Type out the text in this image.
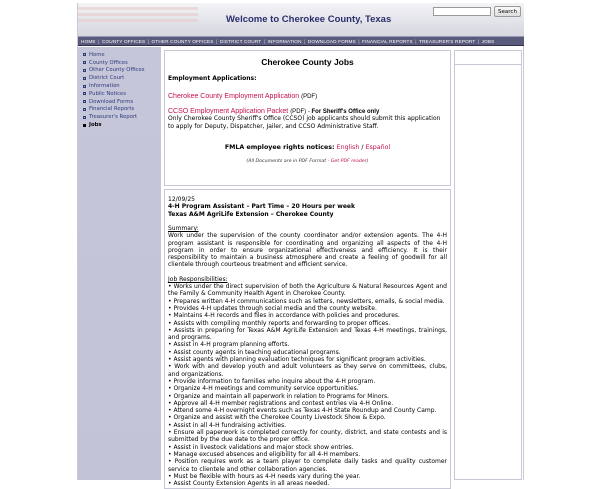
Welcome to Cherokee County, Texas
Search
HOME | COUNTY OFFICES | OTHER COUNTY OFFICES | DISTRICT COURT | INFORMATION | DOWNLOAD FORMS | FINANCIAL REPORTS | TREASURER'S REPORT | JOBS
Home
County Offices
Other County Offices
District Court
Information
Public Notices
Download Forms
Financial Reports
Treasurer's Report
Jobs
Cherokee County Jobs
Employment Applications:
Cherokee County Employment Application (PDF)
CCSO Employment Application Packet (PDF) - For Sheriff's Office only
Only Cherokee County Sheriff's Office (CCSO) job applicants should submit this application to apply for Deputy, Dispatcher, Jailer, and CCSO Administrative Staff.
FMLA employee rights notices: English / Español
(All Documents are in PDF Format - Get PDF reader)
12/09/25
4-H Program Assistant – Part Time – 20 Hours per week
Texas A&M AgriLife Extension – Cherokee County
Summary:
Work under the supervision of the county coordinator and/or extension agents. The 4-H program assistant is responsible for coordinating and organizing all aspects of the 4-H program in order to ensure organizational effectiveness and efficiency. It is their responsibility to maintain a business atmosphere and create a feeling of goodwill for all clientele through courteous treatment and efficient service.
Job Responsibilities:
• Works under the direct supervision of both the Agriculture & Natural Resources Agent and the Family & Community Health Agent in Cherokee County.
• Prepares written 4-H communications such as letters, newsletters, emails, & social media.
• Provides 4-H updates through social media and the county website.
• Maintains 4-H records and files in accordance with policies and procedures.
• Assists with compiling monthly reports and forwarding to proper offices.
• Assists in preparing for Texas A&M AgriLife Extension and Texas 4-H meetings, trainings, and programs.
• Assist in 4-H program planning efforts.
• Assist county agents in teaching educational programs.
• Assist agents with planning evaluation techniques for significant program activities.
• Work with and develop youth and adult volunteers as they serve on committees, clubs, and organizations.
• Provide information to families who inquire about the 4-H program.
• Organize 4-H meetings and community service opportunities.
• Organize and maintain all paperwork in relation to Programs for Minors.
• Approve all 4-H member registrations and contest entries via 4-H Online.
• Attend some 4-H overnight events such as Texas 4-H State Roundup and County Camp.
• Organize and assist with the Cherokee County Livestock Show & Expo.
• Assist in all 4-H fundraising activities.
• Ensure all paperwork is completed correctly for county, district, and state contests and is submitted by the due date to the proper office.
• Assist in livestock validations and major stock show entries.
• Manage excused absences and eligibility for all 4-H members.
• Position requires work as a team player to complete daily tasks and quality customer service to clientele and other collaboration agencies.
• Must be flexible with hours as 4-H needs vary during the year.
• Assist County Extension Agents in all areas needed.
